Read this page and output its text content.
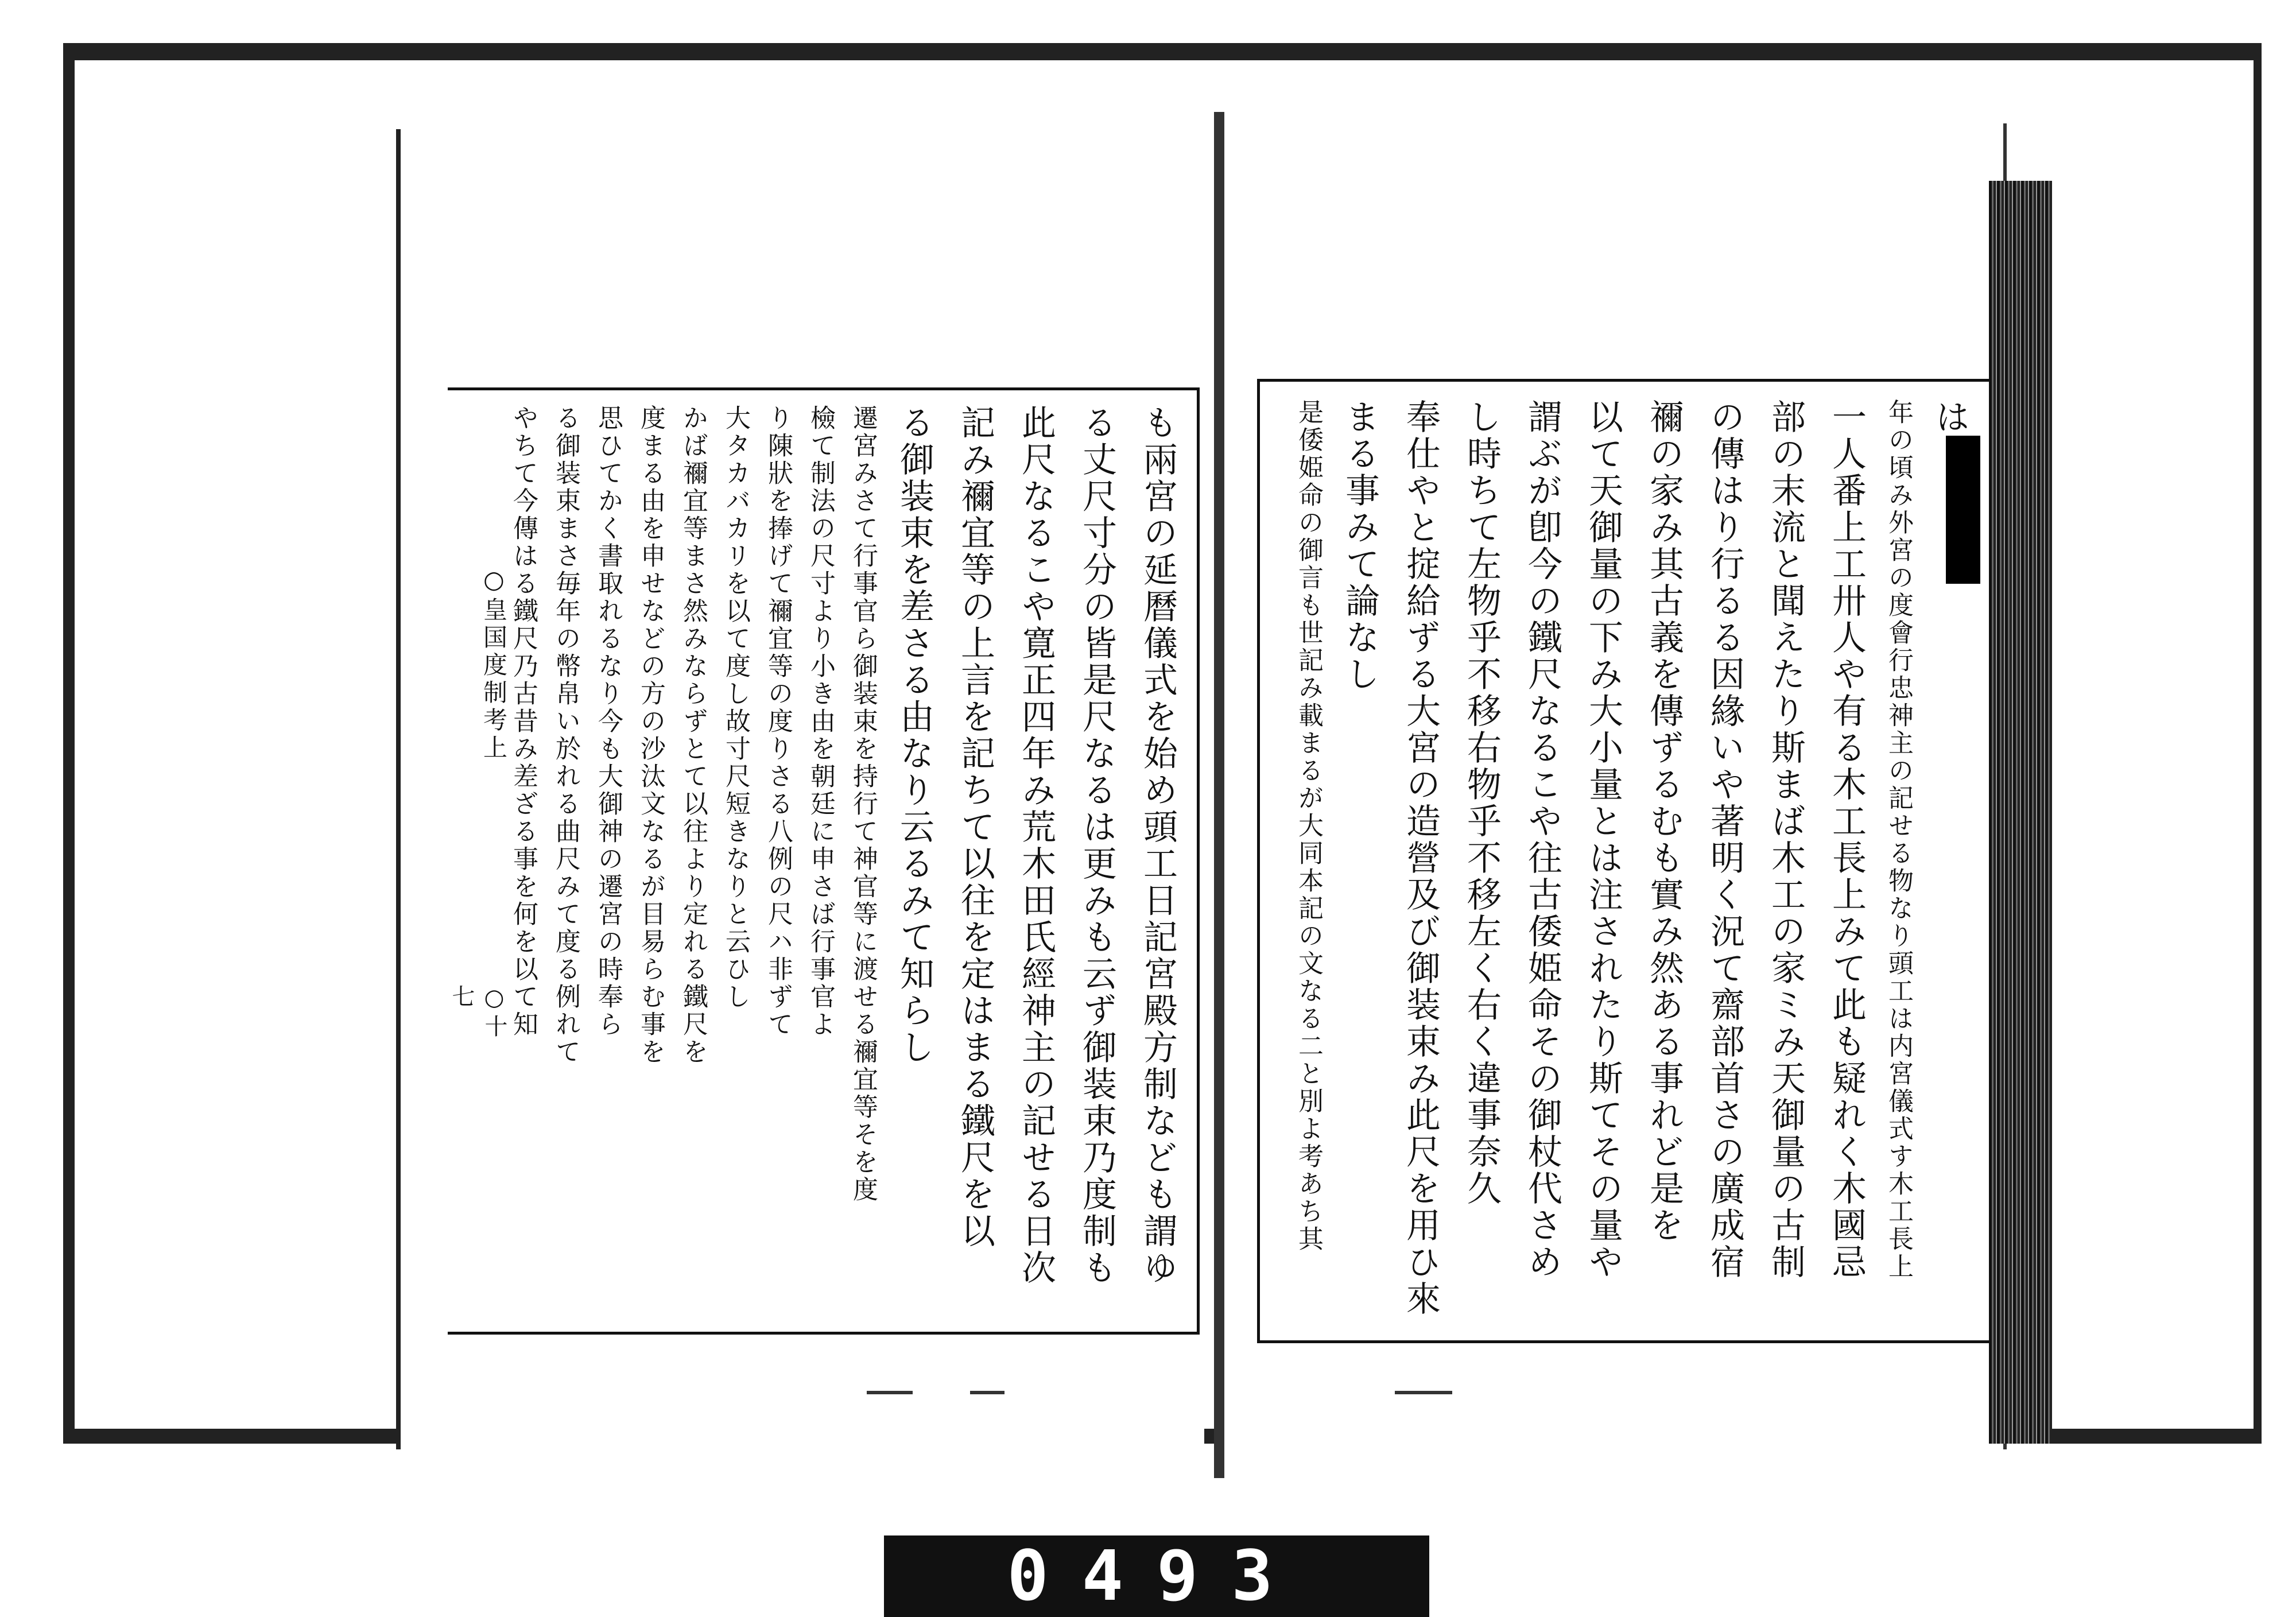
○皇国度制考上
○十七	も兩宮の延曆儀式を始め頭工日記宮殿方制なども謂ゆ
る丈尺寸分の皆是尺なるは更みも云ず御装束乃度制も
此尺なるこや寛正四年み荒木田氏經神主の記せる日次
記み禰宜等の上言を記ちて以往を定はまる鐵尺を以
る御装束を差さる由なり云るみて知らし
遷宮みさて行事官ら御装束を持行て神官等に渡せる禰宜等そを度
檢て制法の尺寸より小き由を朝廷に申さば行事官よ
り陳狀を捧げて禰宜等の度りさる八例の尺ハ非ずて
大タカバカリを以て度し故寸尺短きなりと云ひし
かば禰宜等まさ然みならずとて以往より定れる鐵尺を
度まる由を申せなどの方の沙汰文なるが目易らむ事を
思ひてかく書取れるなり今も大御神の遷宮の時奉ら
る御装束まさ毎年の幣帛い於れる曲尺みて度る例れて
やちて今傳はる鐵尺乃古昔み差ざる事を何を以て知	は
年の頃み外宮の度會行忠神主の記せる物なり頭工は内宮儀式す木工長上
一人番上工卅人や有る木工長上みて此も疑れく木國忌
部の末流と聞えたり斯まば木工の家ミみ天御量の古制
の傳はり行るる因緣いや著明く況て齋部首さの廣成宿
禰の家み其古義を傳ずるむも實み然ある事れど是を
以て天御量の下み大小量とは注されたり斯てその量や
謂ぶが卽今の鐵尺なるこや往古倭姫命その御杖代さめ
し時ちて左物乎不移右物乎不移左く右く違事奈久
奉仕やと掟給ずる大宮の造營及び御装束み此尺を用ひ來
まる事みて論なし
是倭姫命の御言も世記み載まるが大同本記の文なる二と別よ考あち其
0493
